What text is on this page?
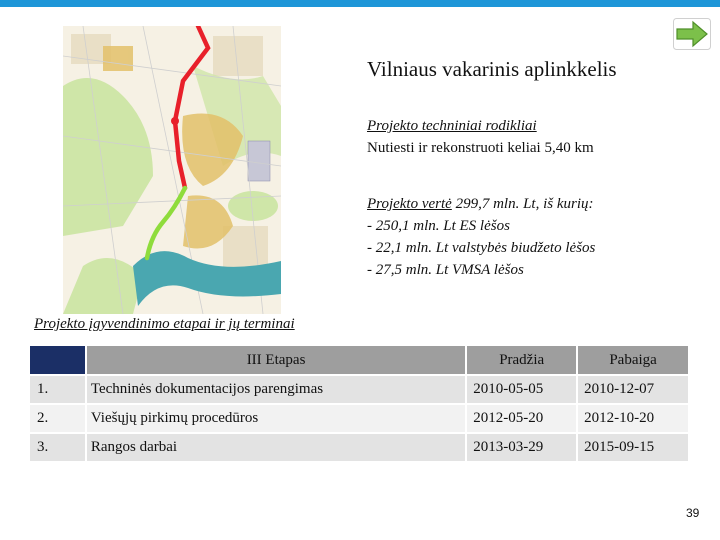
Vilniaus vakarinis aplinkkelis
Projekto techniniai rodikliai
Nutiesti ir rekonstruoti keliai 5,40 km
Projekto vertė 299,7 mln. Lt, iš kurių:
- 250,1 mln. Lt ES lėšos
- 22,1 mln. Lt valstybės biudžeto lėšos
- 27,5 mln. Lt VMSA lėšos
Projekto įgyvendinimo etapai ir jų terminai
	III Etapas	Pradžia	Pabaiga
1.	Techninės dokumentacijos parengimas	2010-05-05	2010-12-07
2.	Viešųjų pirkimų procedūros	2012-05-20	2012-10-20
3.	Rangos darbai	2013-03-29	2015-09-15
39
